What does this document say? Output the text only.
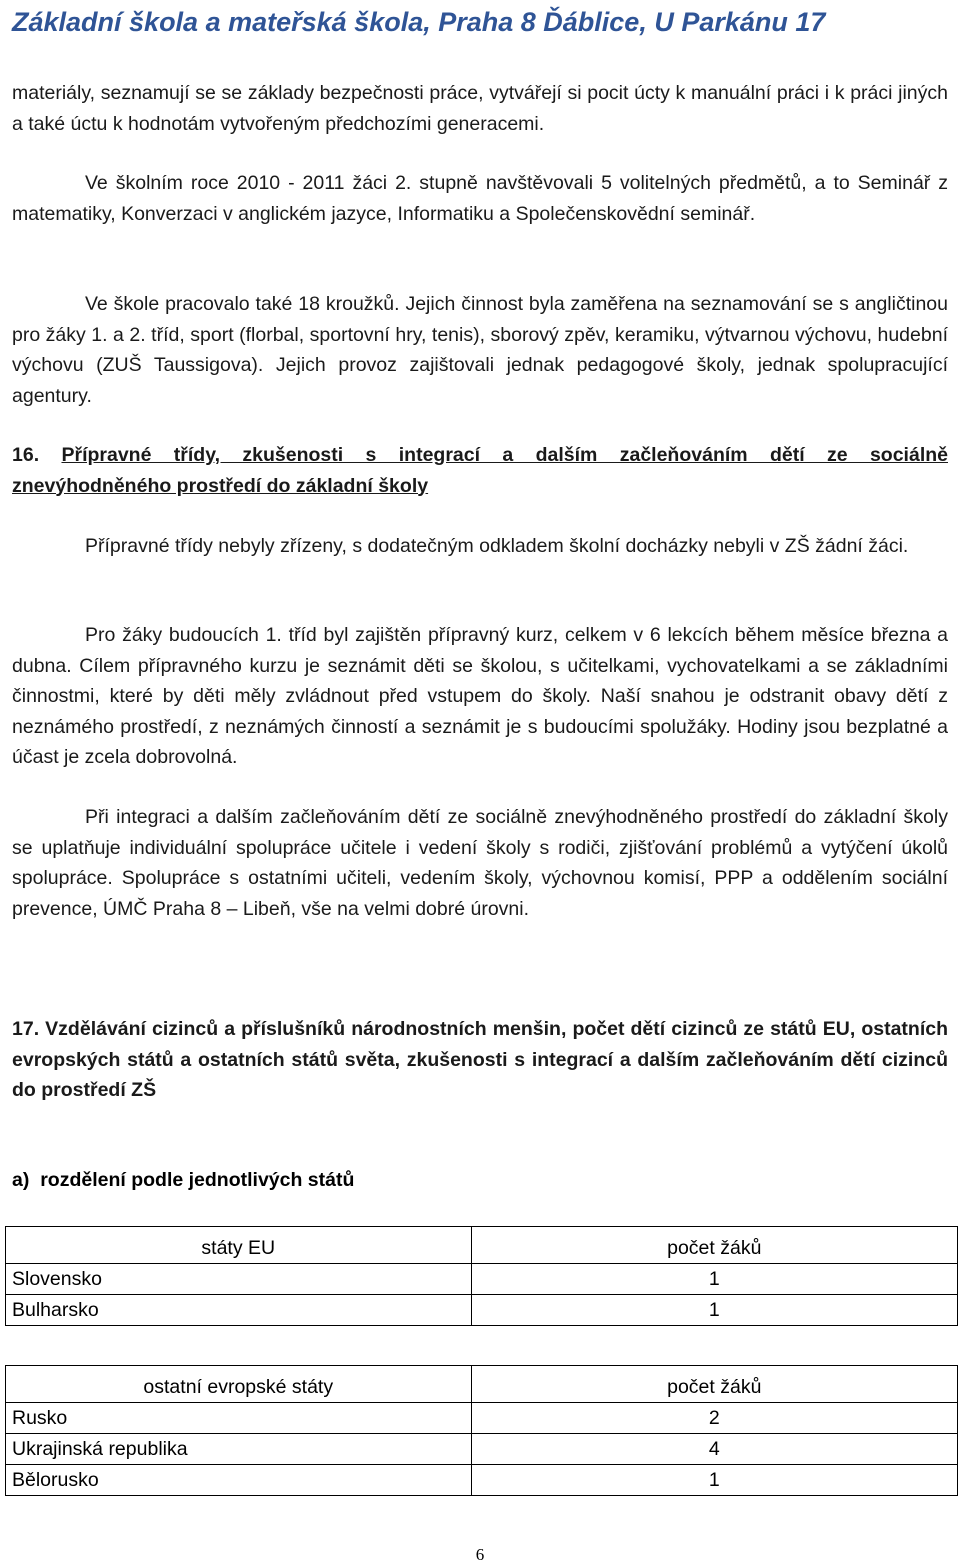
Základní škola a mateřská škola, Praha 8 Ďáblice, U Parkánu 17
materiály, seznamují se se základy bezpečnosti práce, vytvářejí si pocit úcty k manuální práci i k práci jiných a také úctu k hodnotám vytvořeným předchozími generacemi.
Ve školním roce 2010 - 2011 žáci 2. stupně navštěvovali 5 volitelných předmětů, a to Seminář z matematiky, Konverzaci v anglickém jazyce, Informatiku a Společenskovědní seminář.
Ve škole pracovalo také 18 kroužků. Jejich činnost byla zaměřena na seznamování se s angličtinou pro žáky 1. a 2. tříd, sport (florbal, sportovní hry, tenis), sborový zpěv, keramiku, výtvarnou výchovu, hudební výchovu (ZUŠ Taussigova). Jejich provoz zajištovali jednak pedagogové školy, jednak spolupracující agentury.
16. Přípravné třídy, zkušenosti s integrací a dalším začleňováním dětí ze sociálně
znevýhodněného prostředí do základní školy
Přípravné třídy nebyly zřízeny, s dodatečným odkladem školní docházky nebyli v ZŠ žádní žáci.
Pro žáky budoucích 1. tříd byl zajištěn přípravný kurz, celkem v 6 lekcích během měsíce března a dubna. Cílem přípravného kurzu je seznámit děti se školou, s učitelkami, vychovatelkami a se základními činnostmi, které by děti měly zvládnout před vstupem do školy. Naší snahou je odstranit obavy dětí z neznámého prostředí, z neznámých činností a seznámit je s budoucími spolužáky. Hodiny jsou bezplatné a účast je zcela dobrovolná.
Při integraci a dalším začleňováním dětí ze sociálně znevýhodněného prostředí do základní školy se uplatňuje individuální spolupráce učitele i vedení školy s rodiči, zjišťování problémů a vytýčení úkolů spolupráce. Spolupráce s ostatními učiteli, vedením školy, výchovnou komisí, PPP a oddělením sociální prevence, ÚMČ Praha 8 – Libeň, vše na velmi dobré úrovni.
17. Vzdělávání cizinců a příslušníků národnostních menšin, počet dětí cizinců ze států EU, ostatních evropských států a ostatních států světa, zkušenosti s integrací a dalším začleňováním dětí cizinců do prostředí ZŠ
a) rozdělení podle jednotlivých států
státy EU	počet žáků
Slovensko	1
Bulharsko	1
ostatní evropské státy	počet žáků
Rusko	2
Ukrajinská republika	4
Bělorusko	1
6
